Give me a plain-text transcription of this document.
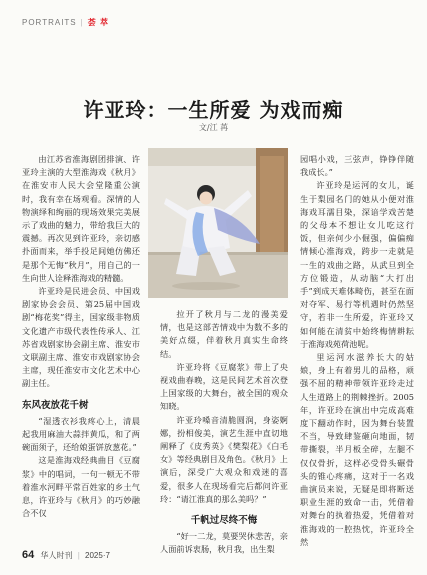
PORTRAITS | 荟 萃
许亚玲：一生所爱 为戏而痴
文/江 苒

由江苏省淮海剧团排演、许亚玲主演的大型淮海戏《秋月》在淮安市人民大会堂隆重公演时，我有幸在场观看。深情的人物演绎和绚丽的现场效果完美展示了戏曲的魅力，带给我巨大的震撼。再次见到许亚玲，亲切感扑面而来，举手投足间她仿佛还是那个无悔“秋月”，用自己的一生向世人诠释淮海戏的精髓。

许亚玲是民进会员、中国戏剧家协会会员、第25届中国戏剧“梅花奖”得主，国家级非物质文化遗产市级代表性传承人、江苏省戏剧家协会副主席、淮安市文联副主席、淮安市戏剧家协会主席，现任淮安市文化艺术中心副主任。

东风夜放花千树

“湿透衣衫我疼心上，清晨起我用麻油大蒜拌黄瓜，和了两碗面须子，还给娘蛋饼放葱花。”

这是淮海戏经典曲目《豆腐浆》中的唱词，一句一顿无不带着淮水河畔平常百姓家的乡土气息，许亚玲与《秋月》的巧妙融合不仅

拉开了秋月与二龙的漫美爱情，也是这部苦情戏中为数不多的美好点缀，伴着秋月真实生命终结。

许亚玲将《豆腐浆》带上了央视戏曲春晚，这是民间艺术首次登上国家级的大舞台，被全国的观众知晓。

许亚玲嗓音清脆圆润，身姿婀娜，扮相俊美，演艺生涯中直切地阐释了《皮秀英》《樊梨花》《白毛女》等经典剧目及角色。《秋月》上演后，深受广大观众和戏迷的喜爱，很多人在现场看完后都问许亚玲：“请江淮真的那么美吗？”

千帆过尽终不悔

“好一二龙，莫要哭休悲苦，亲人面前诉衷肠，秋月我，出生梨

园唱小戏，三弦声，铮铮伴随我成长。”

许亚玲是运河的女儿，诞生于梨园名门的她从小便对淮海戏耳濡目染，深谙学戏苦楚的父母本不想让女儿吃这行饭，但亲何少小倔强，偏偏痴情倾心淮海戏，跨步一走就是一生的戏曲之路，从武旦到全方位锻造，从动脑“大打出手”到成天难体畸伤，甚至在面对夺军、易行等机遇时仍然坚守，若非一生所爱，许亚玲又如何能在清贫中始终梅情耕耘于淮海戏苑荷池呢。

里运河水滋养长大的姑娘，身上有着男儿的品格，顽强不屈的精神带领许亚玲走过人生道路上的荆棘挫折。2005年，许亚玲在演出中完成高难度下翻动作时，因为舞台装置不当，导致肆鉴砸向地面，韧带撕裂，半月板全碎，左腿不仅仅骨折，这样必受骨头碾骨头的锥心疼痛，这对于一名戏曲演员来说，无疑是即将断送职业生涯的致命一击，凭借着对舞台的执着热爱，凭借着对淮海戏的一腔热忱，许亚玲全然

64 华人时刊 | 2025·7
